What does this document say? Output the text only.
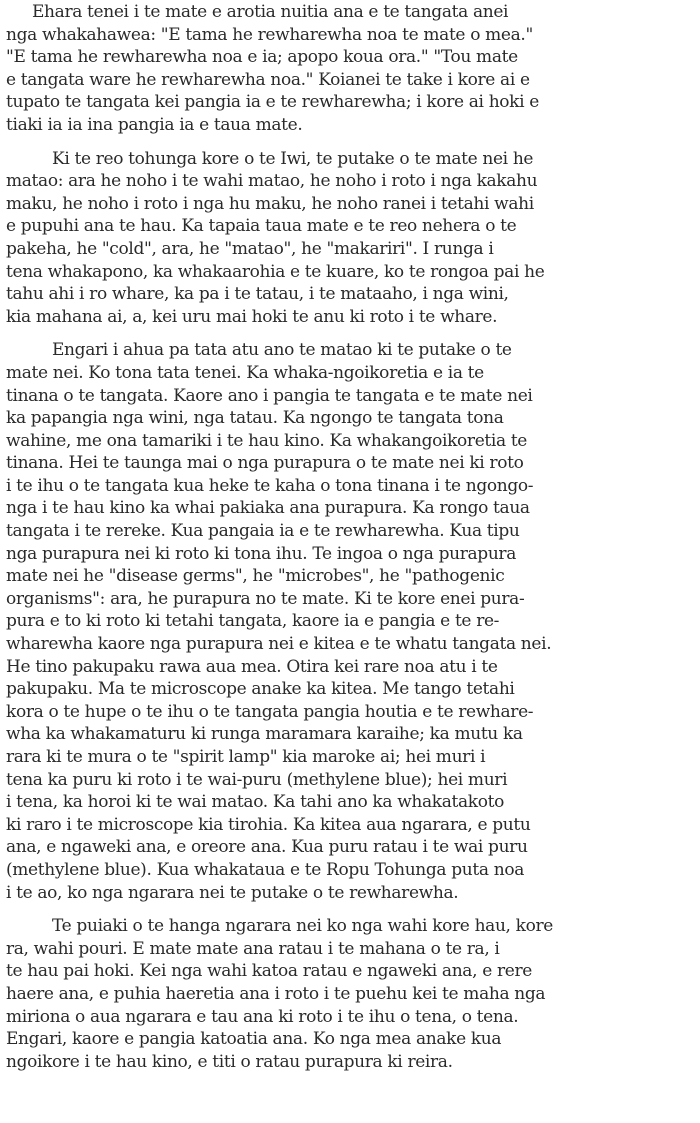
Ehara tenei i te mate e arotia nuitia ana e te tangata anei
nga whakahawea: "E tama he rewharewha noa te mate o mea."
"E tama he rewharewha noa e ia; apopo koua ora." "Tou mate
e tangata ware he rewharewha noa." Koianei te take i kore ai e
tupato te tangata kei pangia ia e te rewharewha; i kore ai hoki e
tiaki ia ia ina pangia ia e taua mate.
Ki te reo tohunga kore o te Iwi, te putake o te mate nei he
matao: ara he noho i te wahi matao, he noho i roto i nga kakahu
maku, he noho i roto i nga hu maku, he noho ranei i tetahi wahi
e pupuhi ana te hau. Ka tapaia taua mate e te reo nehera o te
pakeha, he "cold", ara, he "matao", he "makariri". I runga i
tena whakapono, ka whakaarohia e te kuare, ko te rongoa pai he
tahu ahi i ro whare, ka pa i te tatau, i te mataaho, i nga wini,
kia mahana ai, a, kei uru mai hoki te anu ki roto i te whare.
Engari i ahua pa tata atu ano te matao ki te putake o te
mate nei. Ko tona tata tenei. Ka whaka-ngoikoretia e ia te
tinana o te tangata. Kaore ano i pangia te tangata e te mate nei
ka papangia nga wini, nga tatau. Ka ngongo te tangata tona
wahine, me ona tamariki i te hau kino. Ka whakangoikoretia te
tinana. Hei te taunga mai o nga purapura o te mate nei ki roto
i te ihu o te tangata kua heke te kaha o tona tinana i te ngongo-
nga i te hau kino ka whai pakiaka ana purapura. Ka rongo taua
tangata i te rereke. Kua pangaia ia e te rewharewha. Kua tipu
nga purapura nei ki roto ki tona ihu. Te ingoa o nga purapura
mate nei he "disease germs", he "microbes", he "pathogenic
organisms": ara, he purapura no te mate. Ki te kore enei pura-
pura e to ki roto ki tetahi tangata, kaore ia e pangia e te re-
wharewha kaore nga purapura nei e kitea e te whatu tangata nei.
He tino pakupaku rawa aua mea. Otira kei rare noa atu i te
pakupaku. Ma te microscope anake ka kitea. Me tango tetahi
kora o te hupe o te ihu o te tangata pangia houtia e te rewhare-
wha ka whakamaturu ki runga maramara karaihe; ka mutu ka
rara ki te mura o te "spirit lamp" kia maroke ai; hei muri i
tena ka puru ki roto i te wai-puru (methylene blue); hei muri
i tena, ka horoi ki te wai matao. Ka tahi ano ka whakatakoto
ki raro i te microscope kia tirohia. Ka kitea aua ngarara, e putu
ana, e ngaweki ana, e oreore ana. Kua puru ratau i te wai puru
(methylene blue). Kua whakatauа e te Ropu Tohunga puta noa
i te ao, ko nga ngarara nei te putake o te rewharewha.
Te puiaki o te hanga ngarara nei ko nga wahi kore hau, kore
ra, wahi pouri. E mate mate ana ratau i te mahana o te ra, i
te hau pai hoki. Kei nga wahi katoa ratau e ngaweki ana, e rere
haere ana, e puhia haeretia ana i roto i te puehu kei te maha nga
miriona o aua ngarara e tau ana ki roto i te ihu o tena, o tena.
Engari, kaore e pangia katoatia ana. Ko nga mea anake kua
ngoikore i te hau kino, e titi o ratau purapura ki reira.
